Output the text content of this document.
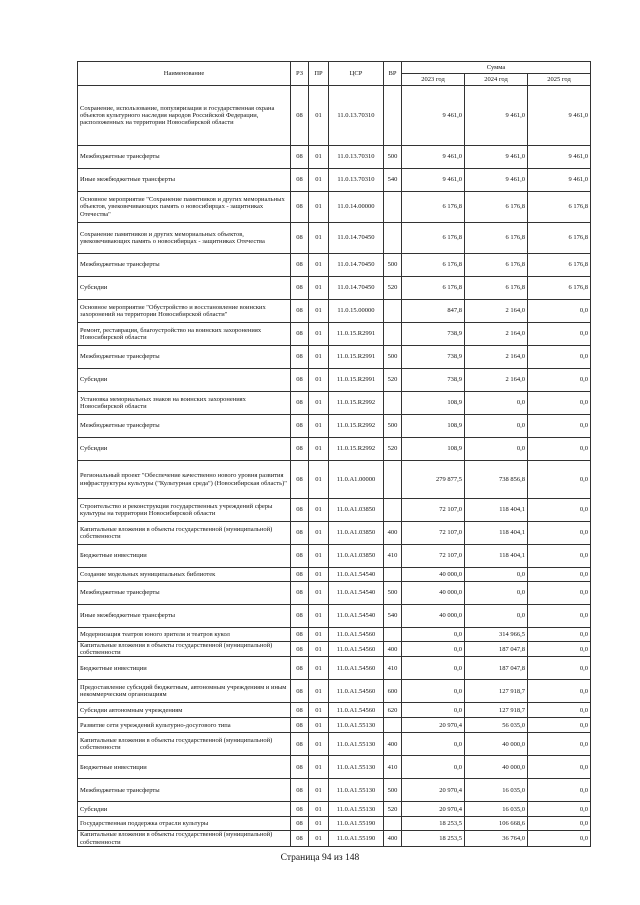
Наименование	РЗ	ПР	ЦСР	ВР	Сумма		
					2023 год	2024 год	2025 год
Сохранение, использование, популяризация и государственная охрана объектов культурного наследия народов Российской Федерации, расположенных на территории Новосибирской области	08	01	11.0.13.70310		9 461,0	9 461,0	9 461,0
Межбюджетные трансферты	08	01	11.0.13.70310	500	9 461,0	9 461,0	9 461,0
Иные межбюджетные трансферты	08	01	11.0.13.70310	540	9 461,0	9 461,0	9 461,0
Основное мероприятие "Сохранение памятников и других мемориальных объектов, увековечивающих память о новосибирцах - защитниках Отечества"	08	01	11.0.14.00000		6 176,8	6 176,8	6 176,8
Сохранение памятников и других мемориальных объектов, увековечивающих память о новосибирцах - защитниках Отечества	08	01	11.0.14.70450		6 176,8	6 176,8	6 176,8
Межбюджетные трансферты	08	01	11.0.14.70450	500	6 176,8	6 176,8	6 176,8
Субсидии	08	01	11.0.14.70450	520	6 176,8	6 176,8	6 176,8
Основное мероприятие "Обустройство и восстановление воинских захоронений на территории Новосибирской области"	08	01	11.0.15.00000		847,8	2 164,0	0,0
Ремонт, реставрация, благоустройство на воинских захоронениях Новосибирской области	08	01	11.0.15.R2991		738,9	2 164,0	0,0
Межбюджетные трансферты	08	01	11.0.15.R2991	500	738,9	2 164,0	0,0
Субсидии	08	01	11.0.15.R2991	520	738,9	2 164,0	0,0
Установка мемориальных знаков на воинских захоронениях Новосибирской области	08	01	11.0.15.R2992		108,9	0,0	0,0
Межбюджетные трансферты	08	01	11.0.15.R2992	500	108,9	0,0	0,0
Субсидии	08	01	11.0.15.R2992	520	108,9	0,0	0,0
Региональный проект "Обеспечение качественно нового уровня развития инфраструктуры культуры ("Культурная среда") (Новосибирская область)"	08	01	11.0.A1.00000		279 877,5	738 856,8	0,0
Строительство и реконструкция государственных учреждений сферы культуры на территории Новосибирской области	08	01	11.0.A1.03850		72 107,0	118 404,1	0,0
Капитальные вложения в объекты государственной (муниципальной) собственности	08	01	11.0.A1.03850	400	72 107,0	118 404,1	0,0
Бюджетные инвестиции	08	01	11.0.A1.03850	410	72 107,0	118 404,1	0,0
Создание модельных муниципальных библиотек	08	01	11.0.A1.54540		40 000,0	0,0	0,0
Межбюджетные трансферты	08	01	11.0.A1.54540	500	40 000,0	0,0	0,0
Иные межбюджетные трансферты	08	01	11.0.A1.54540	540	40 000,0	0,0	0,0
Модернизация театров юного зрителя и театров кукол	08	01	11.0.A1.54560		0,0	314 966,5	0,0
Капитальные вложения в объекты государственной (муниципальной) собственности	08	01	11.0.A1.54560	400	0,0	187 047,8	0,0
Бюджетные инвестиции	08	01	11.0.A1.54560	410	0,0	187 047,8	0,0
Предоставление субсидий бюджетным, автономным учреждениям и иным некоммерческим организациям	08	01	11.0.A1.54560	600	0,0	127 918,7	0,0
Субсидии автономным учреждениям	08	01	11.0.A1.54560	620	0,0	127 918,7	0,0
Развитие сети учреждений культурно-досугового типа	08	01	11.0.A1.55130		20 970,4	56 035,0	0,0
Капитальные вложения в объекты государственной (муниципальной) собственности	08	01	11.0.A1.55130	400	0,0	40 000,0	0,0
Бюджетные инвестиции	08	01	11.0.A1.55130	410	0,0	40 000,0	0,0
Межбюджетные трансферты	08	01	11.0.A1.55130	500	20 970,4	16 035,0	0,0
Субсидии	08	01	11.0.A1.55130	520	20 970,4	16 035,0	0,0
Государственная поддержка отрасли культуры	08	01	11.0.A1.55190		18 253,5	106 668,6	0,0
Капитальные вложения в объекты государственной (муниципальной) собственности	08	01	11.0.A1.55190	400	18 253,5	36 764,0	0,0
Страница 94 из 148
